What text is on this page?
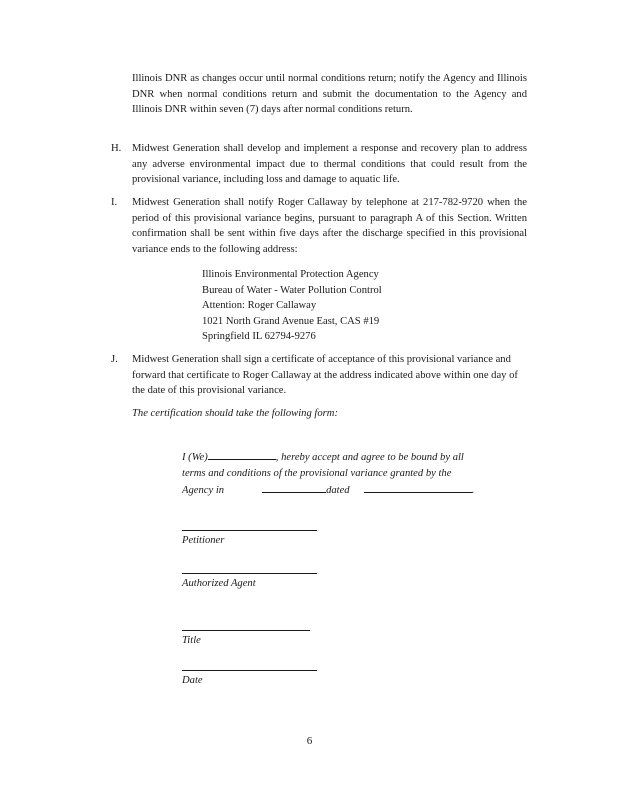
Illinois DNR as changes occur until normal conditions return; notify the Agency and Illinois DNR when normal conditions return and submit the documentation to the Agency and Illinois DNR within seven (7) days after normal conditions return.

H. Midwest Generation shall develop and implement a response and recovery plan to address any adverse environmental impact due to thermal conditions that could result from the provisional variance, including loss and damage to aquatic life.
I. Midwest Generation shall notify Roger Callaway by telephone at 217-782-9720 when the period of this provisional variance begins, pursuant to paragraph A of this Section. Written confirmation shall be sent within five days after the discharge specified in this provisional variance ends to the following address:
Illinois Environmental Protection Agency
Bureau of Water - Water Pollution Control
Attention: Roger Callaway
1021 North Grand Avenue East, CAS #19
Springfield IL 62794-9276
J. Midwest Generation shall sign a certificate of acceptance of this provisional variance and forward that certificate to Roger Callaway at the address indicated above within one day of the date of this provisional variance.

The certification should take the following form:

I (We)	, hereby accept and agree to be bound by all
terms and conditions of the provisional variance granted by the
Agency in	dated	.
Petitioner
Authorized Agent
Title
Date
6
